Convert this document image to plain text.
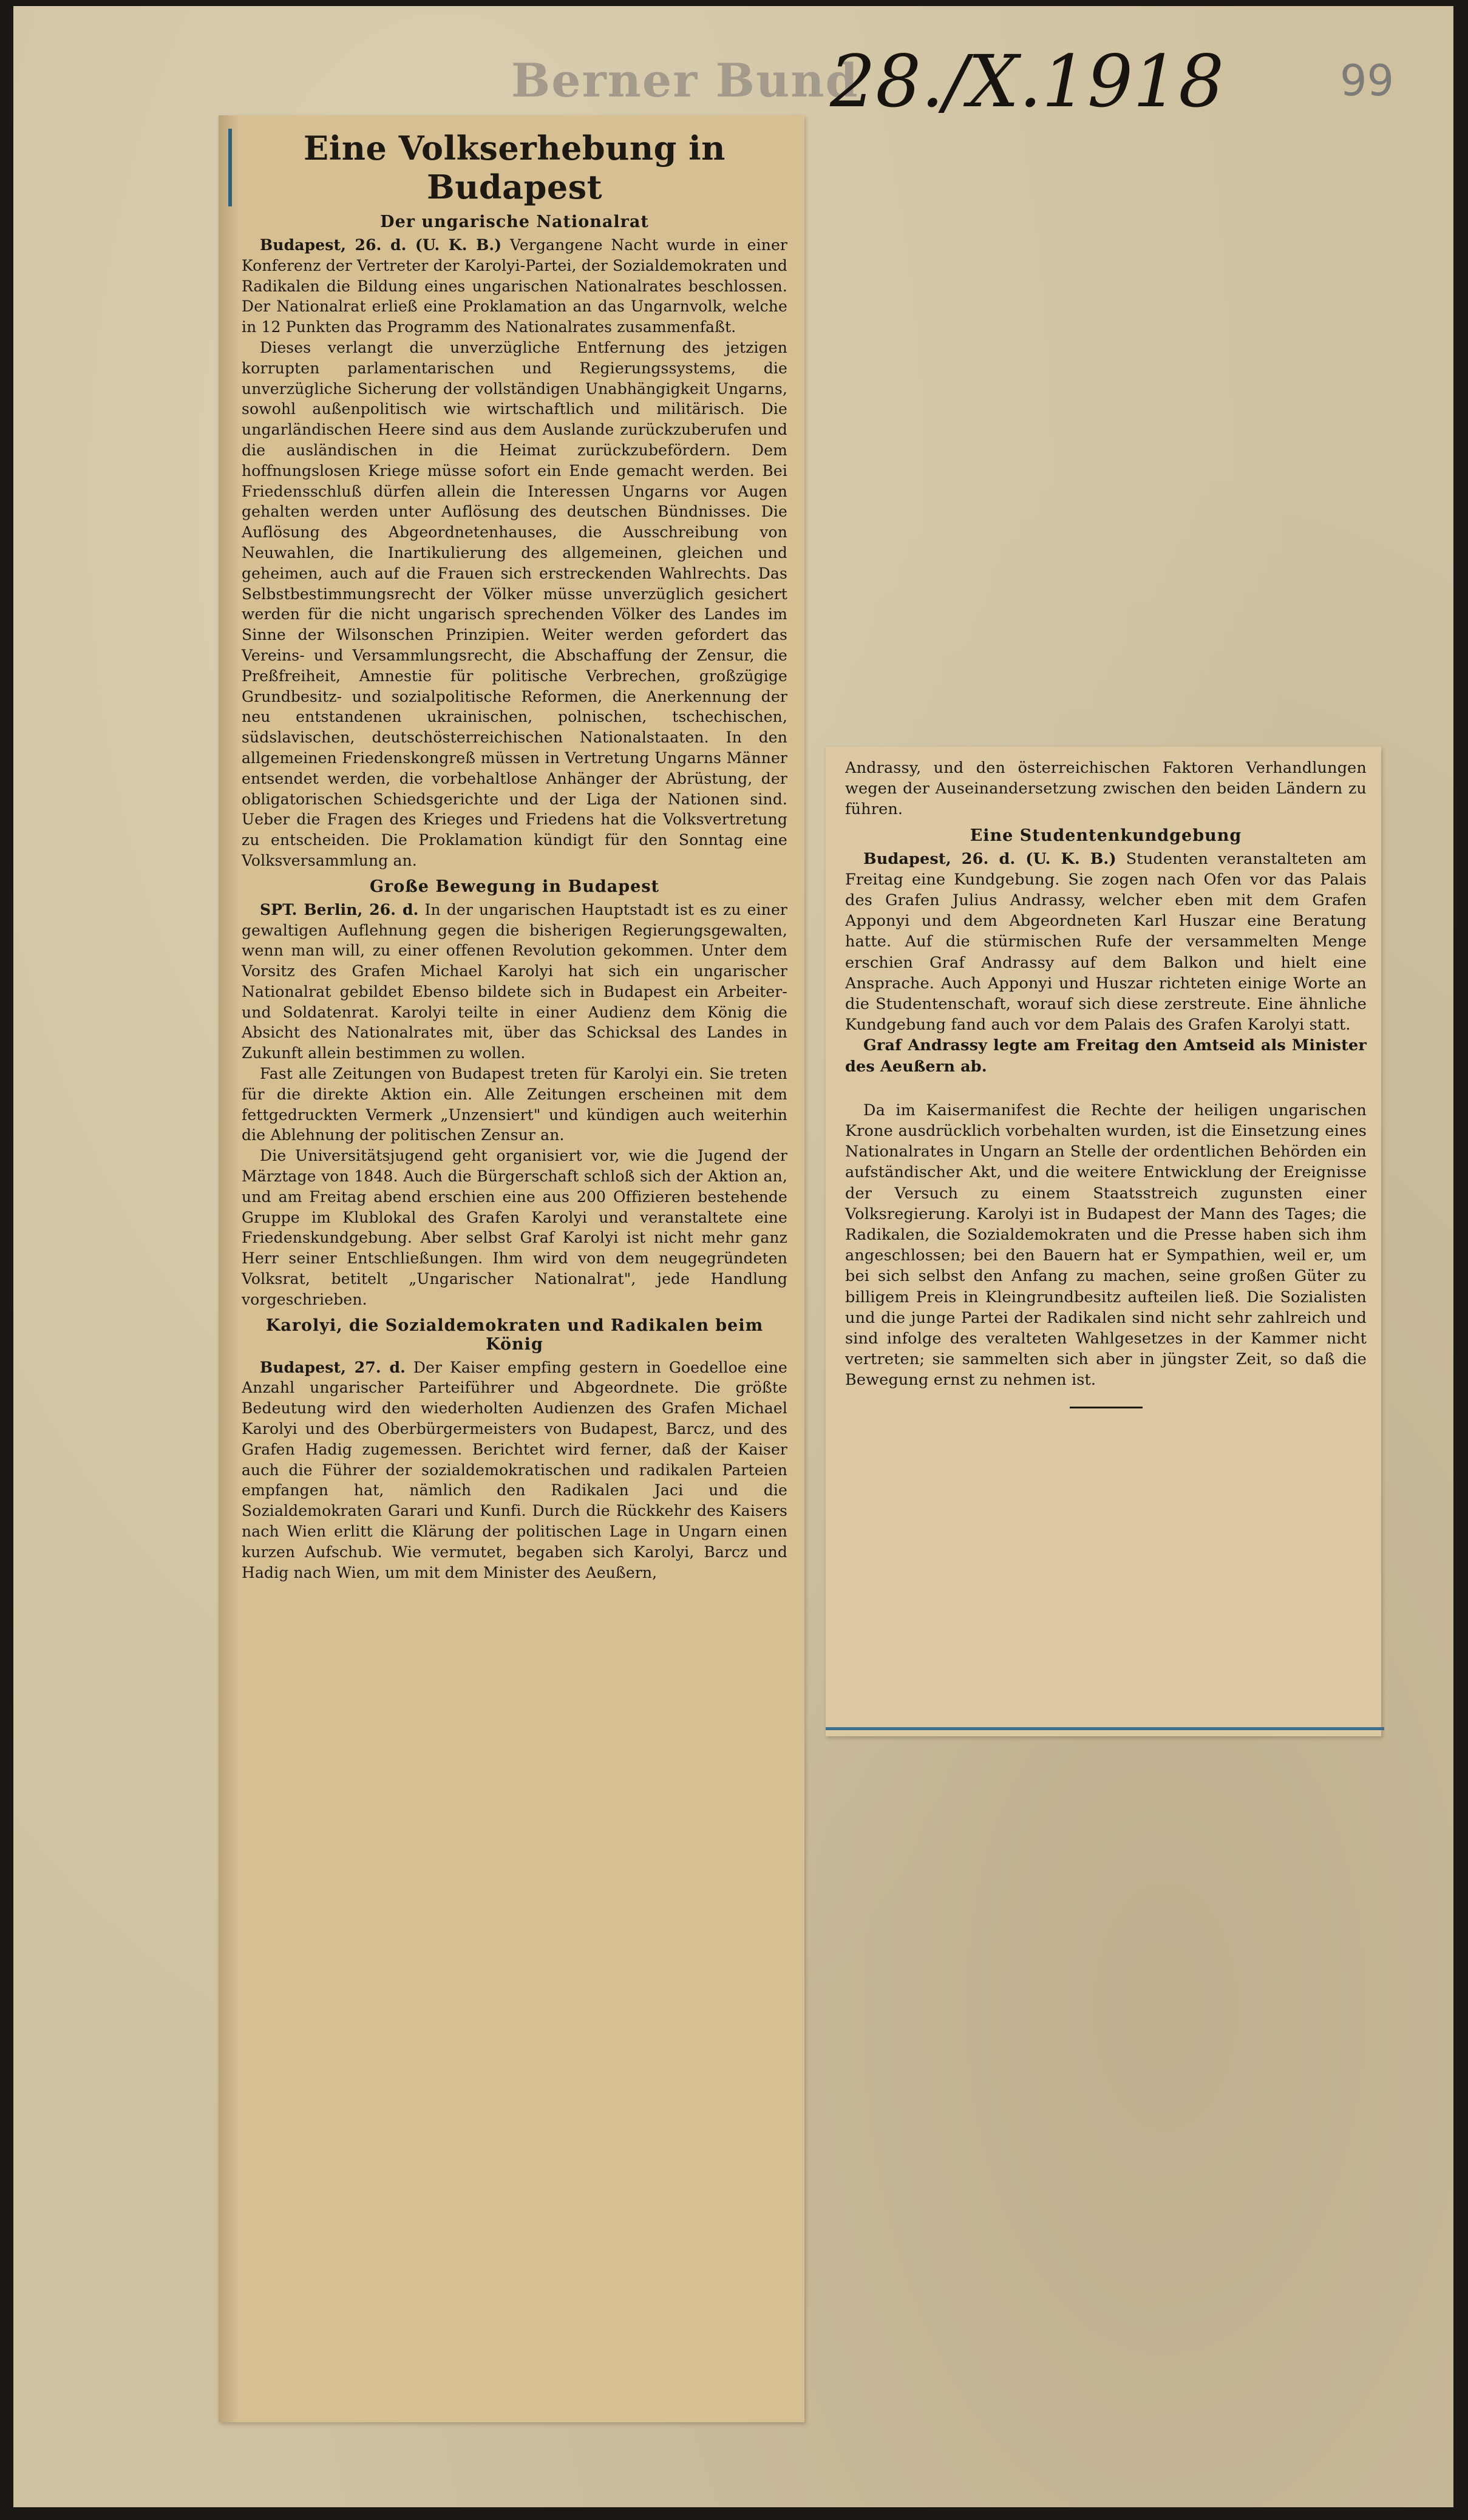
Berner Bund
28./X.1918	99
Eine Volkserhebung in Budapest
Der ungarische Nationalrat

Budapest, 26. d. (U. K. B.) Vergangene Nacht wurde in einer Konferenz der Vertreter der Karolyi-Partei, der Sozialdemokraten und Radikalen die Bildung eines ungarischen Nationalrates beschlossen. Der Nationalrat erließ eine Proklamation an das Ungarnvolk, welche in 12 Punkten das Programm des Nationalrates zusammenfaßt.

Dieses verlangt die unverzügliche Entfernung des jetzigen korrupten parlamentarischen und Regierungssystems, die unverzügliche Sicherung der vollständigen Unabhängigkeit Ungarns, sowohl außenpolitisch wie wirtschaftlich und militärisch. Die ungarländischen Heere sind aus dem Auslande zurückzuberufen und die ausländischen in die Heimat zurückzubefördern. Dem hoffnungslosen Kriege müsse sofort ein Ende gemacht werden. Bei Friedensschluß dürfen allein die Interessen Ungarns vor Augen gehalten werden unter Auflösung des deutschen Bündnisses. Die Auflösung des Abgeordnetenhauses, die Ausschreibung von Neuwahlen, die Inartikulierung des allgemeinen, gleichen und geheimen, auch auf die Frauen sich erstreckenden Wahlrechts. Das Selbstbestimmungsrecht der Völker müsse unverzüglich gesichert werden für die nicht ungarisch sprechenden Völker des Landes im Sinne der Wilsonschen Prinzipien. Weiter werden gefordert das Vereins- und Versammlungsrecht, die Abschaffung der Zensur, die Preßfreiheit, Amnestie für politische Verbrechen, großzügige Grundbesitz- und sozialpolitische Reformen, die Anerkennung der neu entstandenen ukrainischen, polnischen, tschechischen, südslavischen, deutschösterreichischen Nationalstaaten. In den allgemeinen Friedenskongreß müssen in Vertretung Ungarns Männer entsendet werden, die vorbehaltlose Anhänger der Abrüstung, der obligatorischen Schiedsgerichte und der Liga der Nationen sind. Ueber die Fragen des Krieges und Friedens hat die Volksvertretung zu entscheiden. Die Proklamation kündigt für den Sonntag eine Volksversammlung an.

Große Bewegung in Budapest

SPT. Berlin, 26. d. In der ungarischen Hauptstadt ist es zu einer gewaltigen Auflehnung gegen die bisherigen Regierungsgewalten, wenn man will, zu einer offenen Revolution gekommen. Unter dem Vorsitz des Grafen Michael Karolyi hat sich ein ungarischer Nationalrat gebildet Ebenso bildete sich in Budapest ein Arbeiter- und Soldatenrat. Karolyi teilte in einer Audienz dem König die Absicht des Nationalrates mit, über das Schicksal des Landes in Zukunft allein bestimmen zu wollen.

Fast alle Zeitungen von Budapest treten für Karolyi ein. Sie treten für die direkte Aktion ein. Alle Zeitungen erscheinen mit dem fettgedruckten Vermerk „Unzensiert" und kündigen auch weiterhin die Ablehnung der politischen Zensur an.

Die Universitätsjugend geht organisiert vor, wie die Jugend der Märztage von 1848. Auch die Bürgerschaft schloß sich der Aktion an, und am Freitag abend erschien eine aus 200 Offizieren bestehende Gruppe im Klublokal des Grafen Karolyi und veranstaltete eine Friedenskundgebung. Aber selbst Graf Karolyi ist nicht mehr ganz Herr seiner Entschließungen. Ihm wird von dem neugegründeten Volksrat, betitelt „Ungarischer Nationalrat", jede Handlung vorgeschrieben.

Karolyi, die Sozialdemokraten und Radikalen beim König

Budapest, 27. d. Der Kaiser empfing gestern in Goedelloe eine Anzahl ungarischer Parteiführer und Abgeordnete. Die größte Bedeutung wird den wiederholten Audienzen des Grafen Michael Karolyi und des Oberbürgermeisters von Budapest, Barcz, und des Grafen Hadig zugemessen. Berichtet wird ferner, daß der Kaiser auch die Führer der sozialdemokratischen und radikalen Parteien empfangen hat, nämlich den Radikalen Jaci und die Sozialdemokraten Garari und Kunfi. Durch die Rückkehr des Kaisers nach Wien erlitt die Klärung der politischen Lage in Ungarn einen kurzen Aufschub. Wie vermutet, begaben sich Karolyi, Barcz und Hadig nach Wien, um mit dem Minister des Aeußern,

Andrassy, und den österreichischen Faktoren Verhandlungen wegen der Auseinandersetzung zwischen den beiden Ländern zu führen.

Eine Studentenkundgebung

Budapest, 26. d. (U. K. B.) Studenten veranstalteten am Freitag eine Kundgebung. Sie zogen nach Ofen vor das Palais des Grafen Julius Andrassy, welcher eben mit dem Grafen Apponyi und dem Abgeordneten Karl Huszar eine Beratung hatte. Auf die stürmischen Rufe der versammelten Menge erschien Graf Andrassy auf dem Balkon und hielt eine Ansprache. Auch Apponyi und Huszar richteten einige Worte an die Studentenschaft, worauf sich diese zerstreute. Eine ähnliche Kundgebung fand auch vor dem Palais des Grafen Karolyi statt.

Graf Andrassy legte am Freitag den Amtseid als Minister des Aeußern ab.

Da im Kaisermanifest die Rechte der heiligen ungarischen Krone ausdrücklich vorbehalten wurden, ist die Einsetzung eines Nationalrates in Ungarn an Stelle der ordentlichen Behörden ein aufständischer Akt, und die weitere Entwicklung der Ereignisse der Versuch zu einem Staatsstreich zugunsten einer Volksregierung. Karolyi ist in Budapest der Mann des Tages; die Radikalen, die Sozialdemokraten und die Presse haben sich ihm angeschlossen; bei den Bauern hat er Sympathien, weil er, um bei sich selbst den Anfang zu machen, seine großen Güter zu billigem Preis in Kleingrundbesitz aufteilen ließ. Die Sozialisten und die junge Partei der Radikalen sind nicht sehr zahlreich und sind infolge des veralteten Wahlgesetzes in der Kammer nicht vertreten; sie sammelten sich aber in jüngster Zeit, so daß die Bewegung ernst zu nehmen ist.
